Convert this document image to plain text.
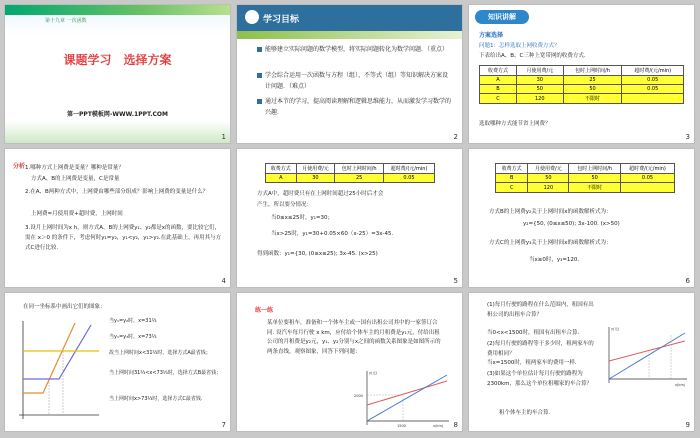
第十九章 一次函数
课题学习　选择方案
第一PPT模板网-WWW.1PPT.COM
1
学习目标
能够建立实际问题的数学模型，将实际问题转化为数学问题．（重点）
学会综合运用一次函数与方程（组）、不等式（组）等知识解决方案设计问题．（难点）
通过本节的学习，提高阅读理解和逻辑思维能力，从而激发学习数学的兴趣.
2
知识讲解
方案选择
问题1：怎样选取上网收费方式？
下表给出A、B、C三种上宽带网的收费方式.
收费方式	月使用费/元	包时上网时间/h	超时费/(元/min)
A	30	25	0.05
B	50	50	0.05
C	120	不限时	
选取哪种方式能节省上网费？
3
分析 1.哪种方式上网费是变量？哪种是常量？
方式A、B的上网费是变量，C是常量
2.在A、B两种方式中，上网费由哪些部分组成？影响上网费的变量是什么？
上网费=月使用费+超时费，上网时间
3.设月上网时间为x h，则方式A、B的上网费y₁、y₂都是x的函数，要比较它们，需在 x＞0 的条件下，考虑何时y₁=y₂，y₁<y₂，y₁>y₂.在此基础上，再用其与方式C进行比较.
4
收费方式	月使用费/元	包时上网时间/h	超时费/(元/min)
A	30	25	0.05
方式A中，超时费只有在上网时间超过25小时后才会
产生，所以要分情况：
当0≤x≤25时，y₁=30；
当x>25时，y₁=30+0.05×60（x-25）=3x-45.
得到函数：y₁={30, (0≤x≤25); 3x-45. (x>25)
5
收费方式	月使用费/元	包时上网时间/h	超时费/(元/min)
B	50	50	0.05
C	120	不限时	
方式B的上网费y₂关于上网时间x的函数解析式为：
y₂={50, (0≤x≤50); 3x-100. (x>50)
方式C的上网费y₃关于上网时间x的函数解析式为：
当x≥0时，y₃=120.
6
在同一坐标系中画出它们的图象：
当y₁=y₂时，x=31⅔
当y₁=y₃时，x=73⅓
故当上网时间x<31⅔时，选择方式A最省钱；
当上网时间31⅔<x<73⅓时，选择方式B最省钱；
当上网时间x>73⅓时，选择方式C最省钱.
7
练一练
某单位要租车，准备和一个体车主或一国有出租公司其中的一家签订合同. 设汽车每月行驶 x km，应付给个体车主的月租费是y₁元，付给出租公司的月租费是y₂元，y₁、y₂分别与x之间的函数关系图象是如图所示的两条直线，观察图象，回答下列问题：
2000
1500
y(元)
x(km) 8
(1)每月行驶的路程在什么范围内，租国有出租公司的出租车合算？
当0<x<1500时，租国有出租车合算.
(2)每月行驶的路程等于多少时，租两家车的费用相同？
当x=1500时，租两家车的费用一样.
(3)如果这个单位估计每月行驶的路程为2300km，那么这个单位租哪家的车合算？
租个体车主的车合算.
y(元)
x(km)
9
